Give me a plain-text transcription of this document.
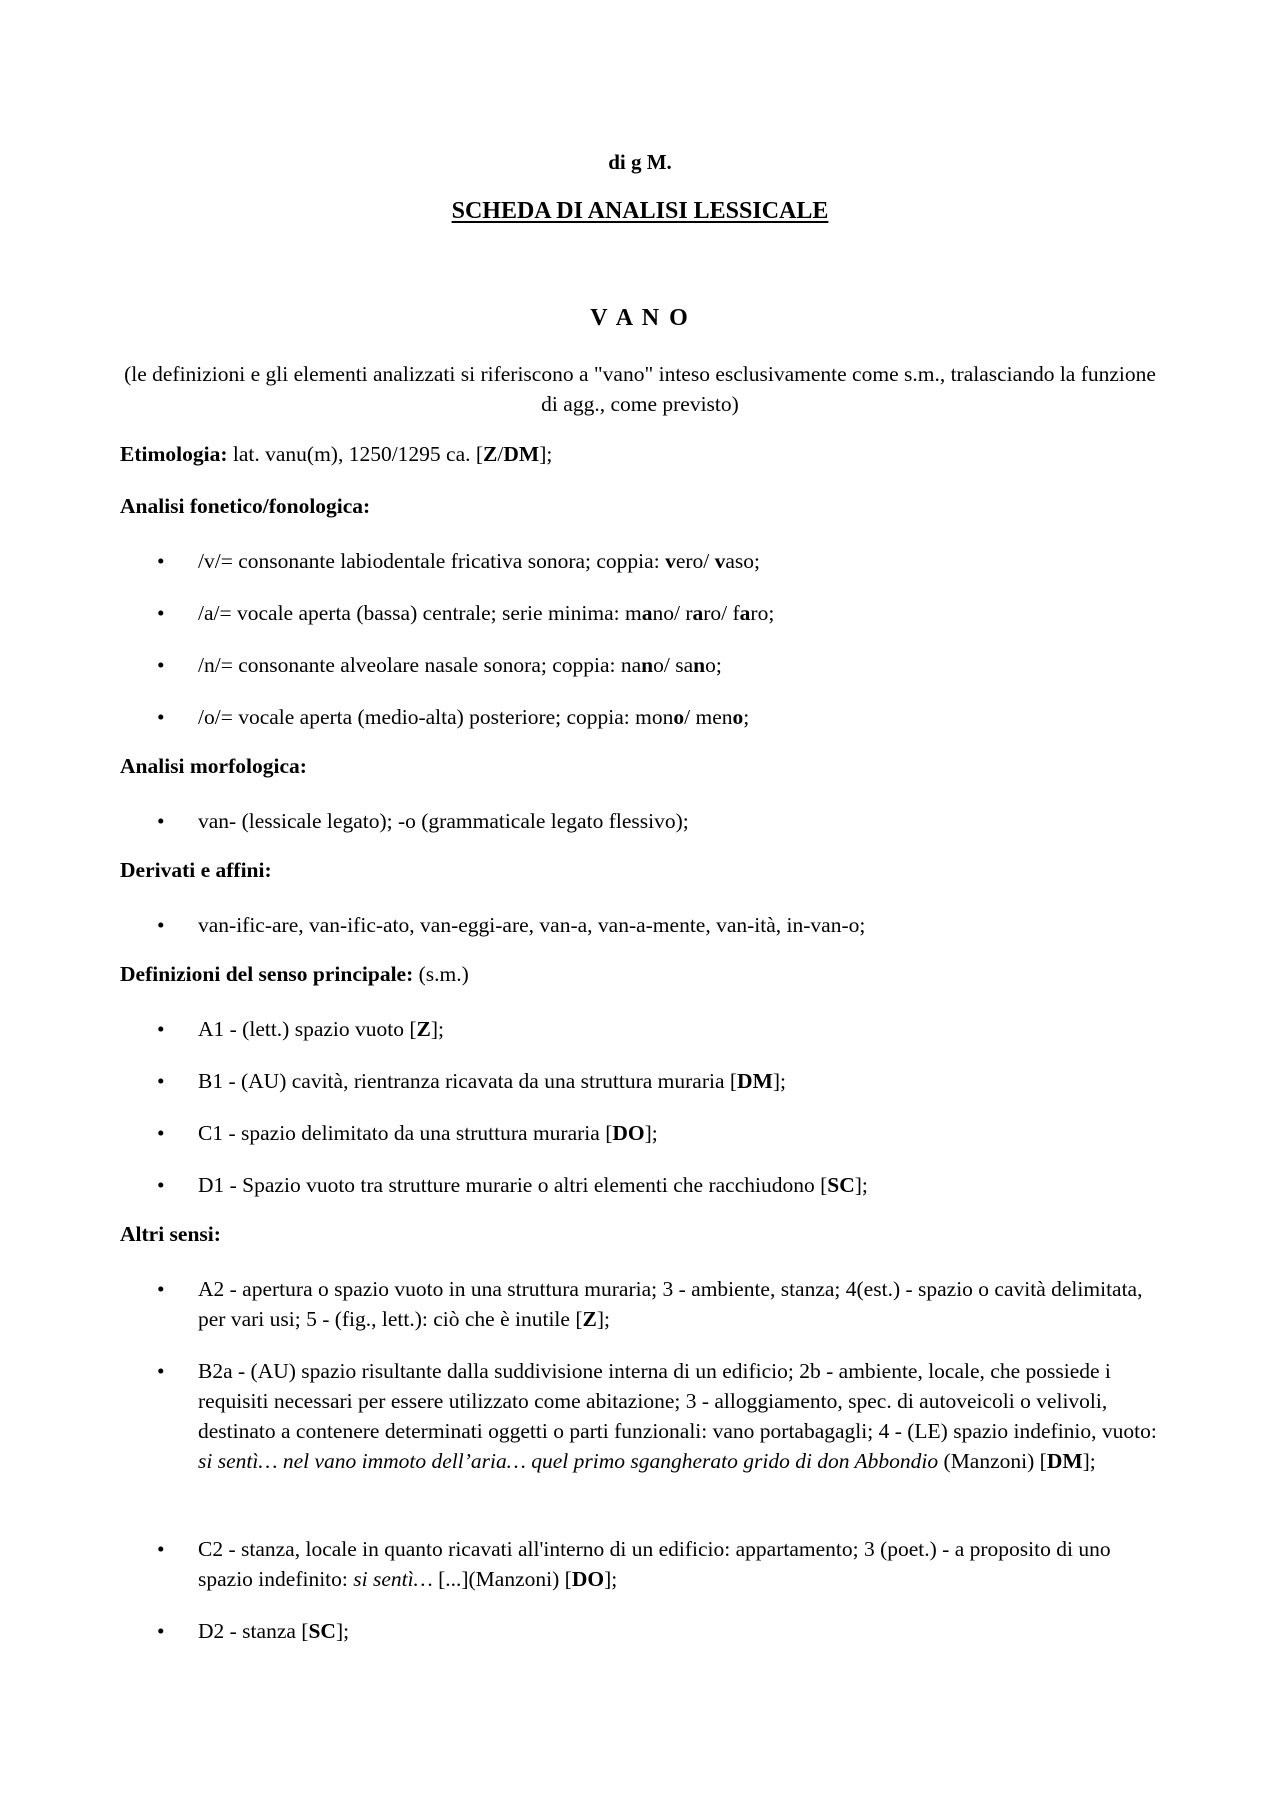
di g M.
SCHEDA DI ANALISI LESSICALE
V A N O
(le definizioni e gli elementi analizzati si riferiscono a "vano" inteso esclusivamente come s.m., tralasciando la funzione di agg., come previsto)
Etimologia: lat. vanu(m), 1250/1295 ca. [Z/DM];
Analisi fonetico/fonologica:
• /v/= consonante labiodentale fricativa sonora; coppia: vero/ vaso;
• /a/= vocale aperta (bassa) centrale; serie minima: mano/ raro/ faro;
• /n/= consonante alveolare nasale sonora; coppia: nano/ sano;
• /o/= vocale aperta (medio-alta) posteriore; coppia: mono/ meno;
Analisi morfologica:
• van- (lessicale legato); -o (grammaticale legato flessivo);
Derivati e affini:
• van-ific-are, van-ific-ato, van-eggi-are, van-a, van-a-mente, van-ità, in-van-o;
Definizioni del senso principale: (s.m.)
• A1 - (lett.) spazio vuoto [Z];
• B1 - (AU) cavità, rientranza ricavata da una struttura muraria [DM];
• C1 - spazio delimitato da una struttura muraria [DO];
• D1 - Spazio vuoto tra strutture murarie o altri elementi che racchiudono [SC];
Altri sensi:
• A2 - apertura o spazio vuoto in una struttura muraria; 3 - ambiente, stanza; 4(est.) - spazio o cavità delimitata, per vari usi; 5 - (fig., lett.): ciò che è inutile [Z];
• B2a - (AU) spazio risultante dalla suddivisione interna di un edificio; 2b - ambiente, locale, che possiede i requisiti necessari per essere utilizzato come abitazione; 3 - alloggiamento, spec. di autoveicoli o velivoli, destinato a contenere determinati oggetti o parti funzionali: vano portabagagli; 4 - (LE) spazio indefinio, vuoto: si sentì… nel vano immoto dell’aria… quel primo sgangherato grido di don Abbondio (Manzoni) [DM];
• C2 - stanza, locale in quanto ricavati all'interno di un edificio: appartamento; 3 (poet.) - a proposito di uno spazio indefinito: si sentì… [...](Manzoni) [DO];
• D2 - stanza [SC];
